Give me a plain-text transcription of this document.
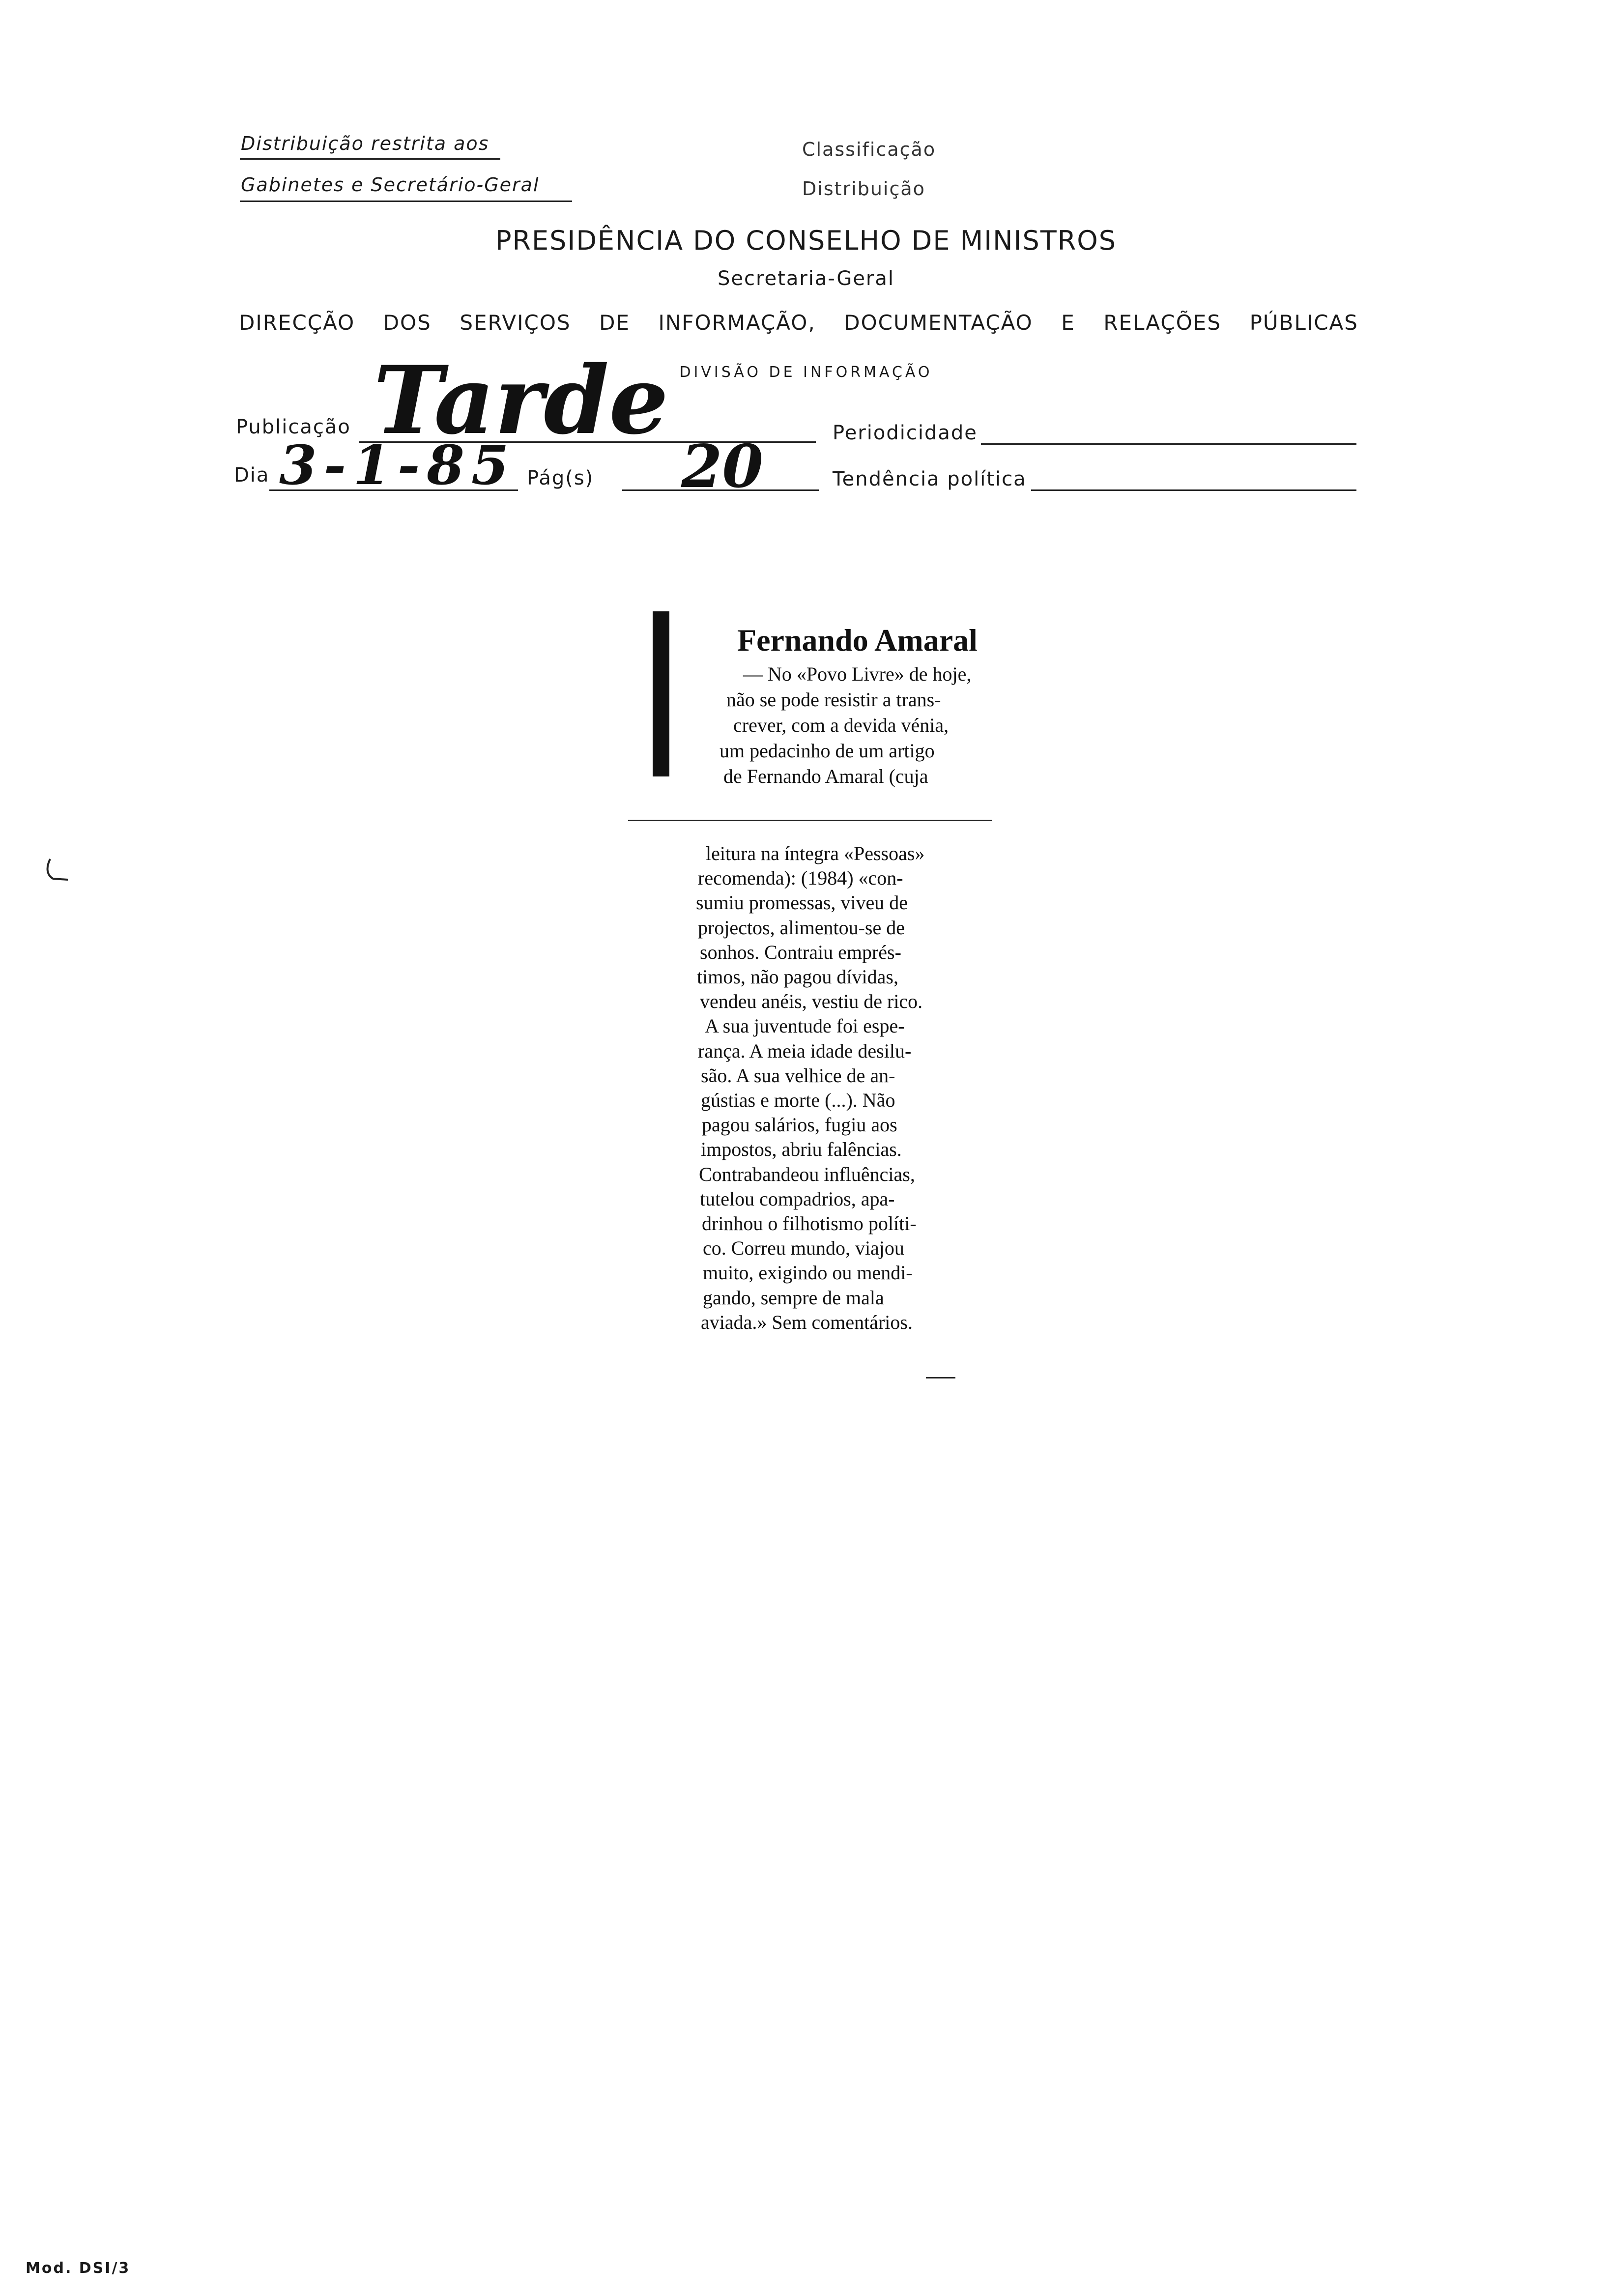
Distribuição restrita aos
Gabinetes e Secretário-Geral
Classificação
Distribuição
PRESIDÊNCIA DO CONSELHO DE MINISTROS
Secretaria-Geral
DIRECÇÃO DOS SERVIÇOS DE INFORMAÇÃO, DOCUMENTAÇÃO E RELAÇÕES PÚBLICAS
DIVISÃO DE INFORMAÇÃO
Publicação Tarde	Periodicidade
Dia 3-1-85 Pág(s) 20	Tendência política
Fernando Amaral
— No «Povo Livre» de hoje,
não se pode resistir a trans-
crever, com a devida vénia,
um pedacinho de um artigo
de Fernando Amaral (cuja
leitura na íntegra «Pessoas»
recomenda): (1984) «con-
sumiu promessas, viveu de
projectos, alimentou-se de
sonhos. Contraiu emprés-
timos, não pagou dívidas,
vendeu anéis, vestiu de rico.
A sua juventude foi espe-
rança. A meia idade desilu-
são. A sua velhice de an-
gústias e morte (...). Não
pagou salários, fugiu aos
impostos, abriu falências.
Contrabandeou influências,
tutelou compadrios, apa-
drinhou o filhotismo políti-
co. Correu mundo, viajou
muito, exigindo ou mendi-
gando, sempre de mala
aviada.» Sem comentários.
Mod. DSI/3
